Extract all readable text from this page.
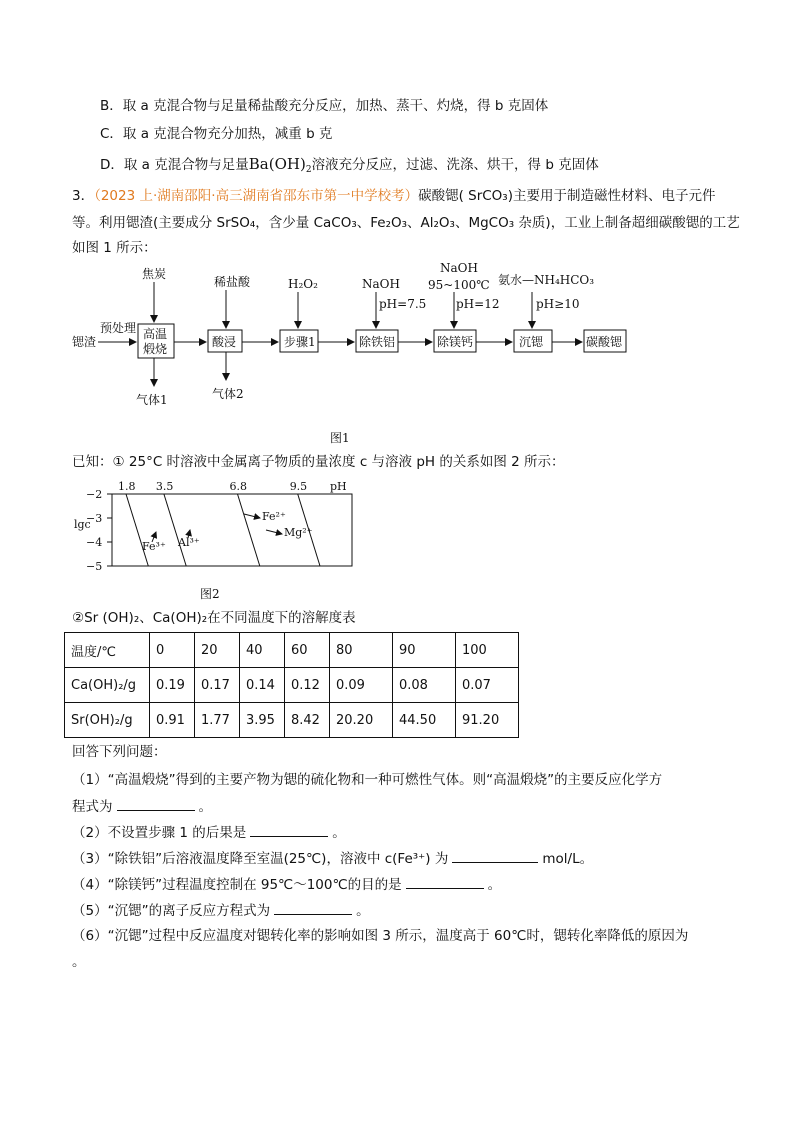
B．取 a 克混合物与足量稀盐酸充分反应，加热、蒸干、灼烧，得 b 克固体
C．取 a 克混合物充分加热，减重 b 克
D．取 a 克混合物与足量$Ba(OH)_2$溶液充分反应，过滤、洗涤、烘干，得 b 克固体
3．（2023 上·湖南邵阳·高三湖南省邵东市第一中学校考）碳酸锶( SrCO₃)主要用于制造磁性材料、电子元件
等。利用锶渣(主要成分 SrSO₄，含少量 CaCO₃、Fe₂O₃、Al₂O₃、MgCO₃ 杂质)，工业上制备超细碳酸锶的工艺
如图 1 所示：
锶渣
预处理 高温
煅烧
焦炭
气体1
酸浸
稀盐酸
气体2
步骤1
H₂O₂
除铁铝
NaOH
pH=7.5
除镁钙
NaOH
95~100℃
pH=12
沉锶
氨水—NH₄HCO₃
pH≥10
碳酸锶
图1
已知：① 25°C 时溶液中金属离子物质的量浓度 c 与溶液 pH 的关系如图 2 所示：
−2
−3
−4
−5
lgc
pH
1.8 3.5	6.8	9.5
Fe³⁺ Al³⁺
Fe²⁺
Mg²⁺
图2
②Sr (OH)₂、Ca(OH)₂在不同温度下的溶解度表
温度/℃	0	20	40	60	80	90	100
Ca(OH)₂/g	0.19	0.17	0.14	0.12	0.09	0.08	0.07
Sr(OH)₂/g	0.91	1.77	3.95	8.42	20.20	44.50	91.20
回答下列问题：
（1）“高温煅烧”得到的主要产物为锶的硫化物和一种可燃性气体。则“高温煅烧”的主要反应化学方
程式为	。
（2）不设置步骤 1 的后果是	。
（3）“除铁铝”后溶液温度降至室温(25℃)，溶液中 c(Fe³⁺) 为	mol/L。
（4）“除镁钙”过程温度控制在 95℃～100℃的目的是	。
（5）“沉锶”的离子反应方程式为	。
（6）“沉锶”过程中反应温度对锶转化率的影响如图 3 所示，温度高于 60℃时，锶转化率降低的原因为
。
